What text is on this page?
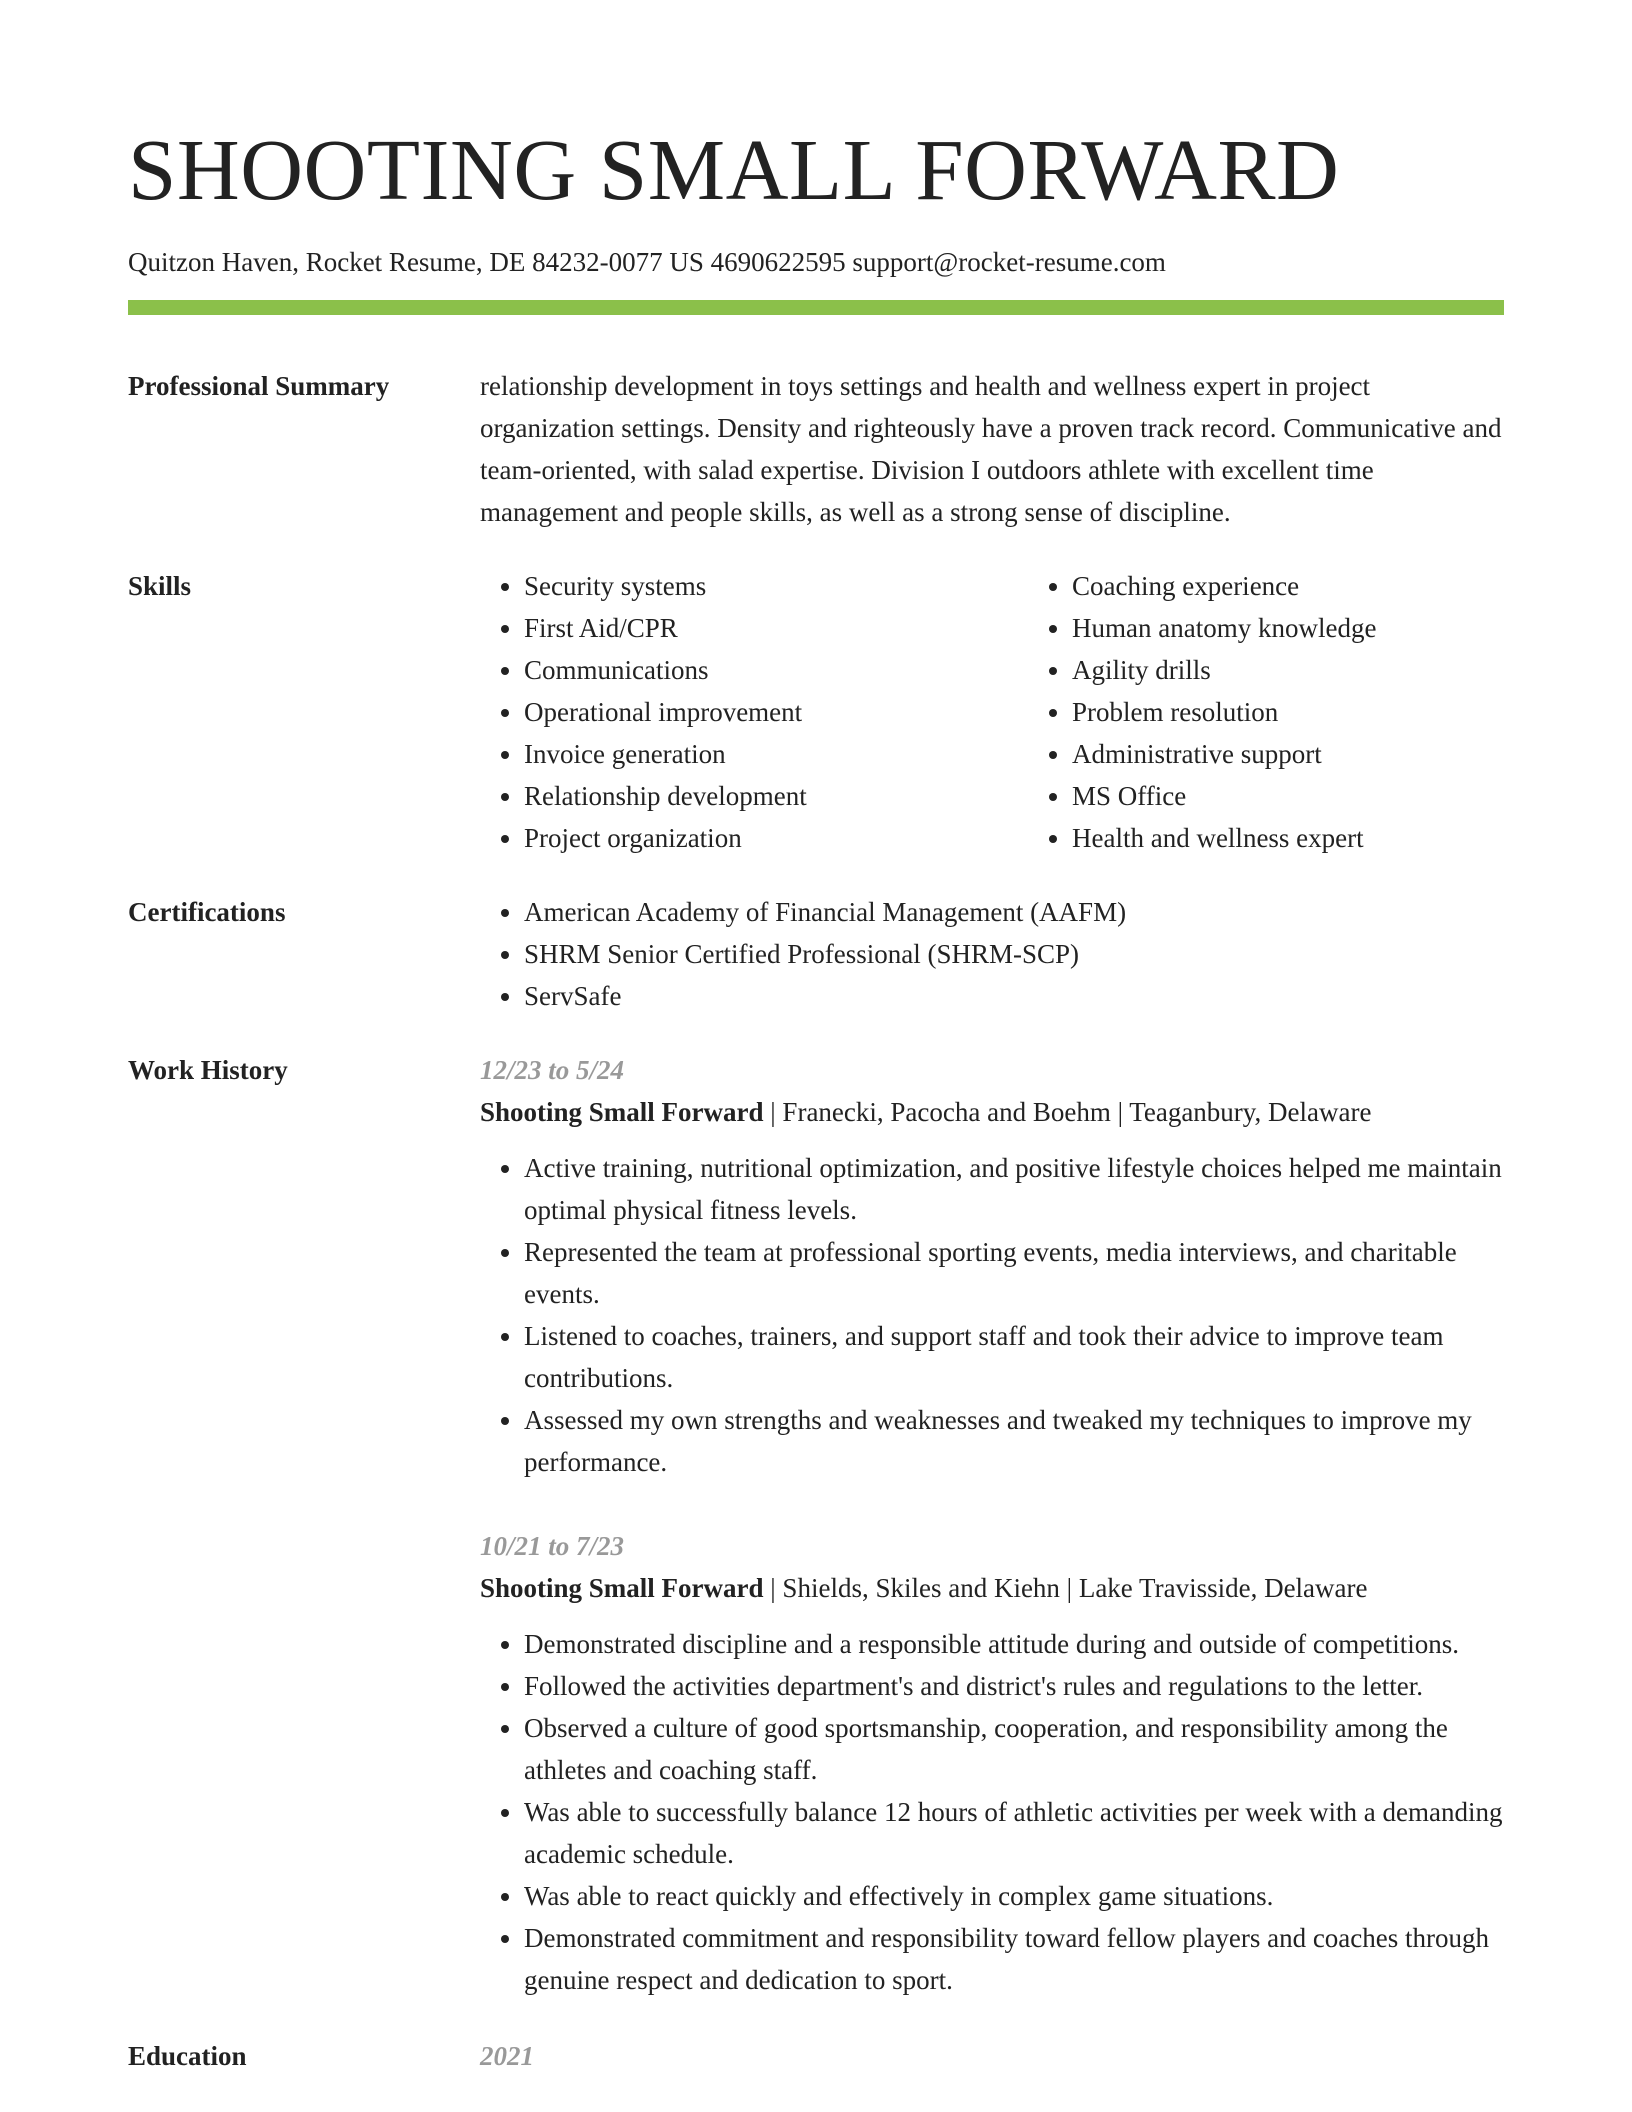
SHOOTING SMALL FORWARD
Quitzon Haven, Rocket Resume, DE 84232-0077 US 4690622595 support@rocket-resume.com
Professional Summary	relationship development in toys settings and health and wellness expert in project organization settings. Density and righteously have a proven track record. Communicative and team-oriented, with salad expertise. Division I outdoors athlete with excellent time management and people skills, as well as a strong sense of discipline.

Skills	• Security systems
• First Aid/CPR
• Communications
• Operational improvement
• Invoice generation
• Relationship development
• Project organization
• Coaching experience
• Human anatomy knowledge
• Agility drills
• Problem resolution
• Administrative support
• MS Office
• Health and wellness expert
Certifications	• American Academy of Financial Management (AAFM)
• SHRM Senior Certified Professional (SHRM-SCP)
• ServSafe
Work History	12/23 to 5/24
Shooting Small Forward | Franecki, Pacocha and Boehm | Teaganbury, Delaware
• Active training, nutritional optimization, and positive lifestyle choices helped me maintain optimal physical fitness levels.
• Represented the team at professional sporting events, media interviews, and charitable events.
• Listened to coaches, trainers, and support staff and took their advice to improve team contributions.
• Assessed my own strengths and weaknesses and tweaked my techniques to improve my performance.
10/21 to 7/23
Shooting Small Forward | Shields, Skiles and Kiehn | Lake Travisside, Delaware
• Demonstrated discipline and a responsible attitude during and outside of competitions.
• Followed the activities department's and district's rules and regulations to the letter.
• Observed a culture of good sportsmanship, cooperation, and responsibility among the athletes and coaching staff.
• Was able to successfully balance 12 hours of athletic activities per week with a demanding academic schedule.
• Was able to react quickly and effectively in complex game situations.
• Demonstrated commitment and responsibility toward fellow players and coaches through genuine respect and dedication to sport.
Education	2021
